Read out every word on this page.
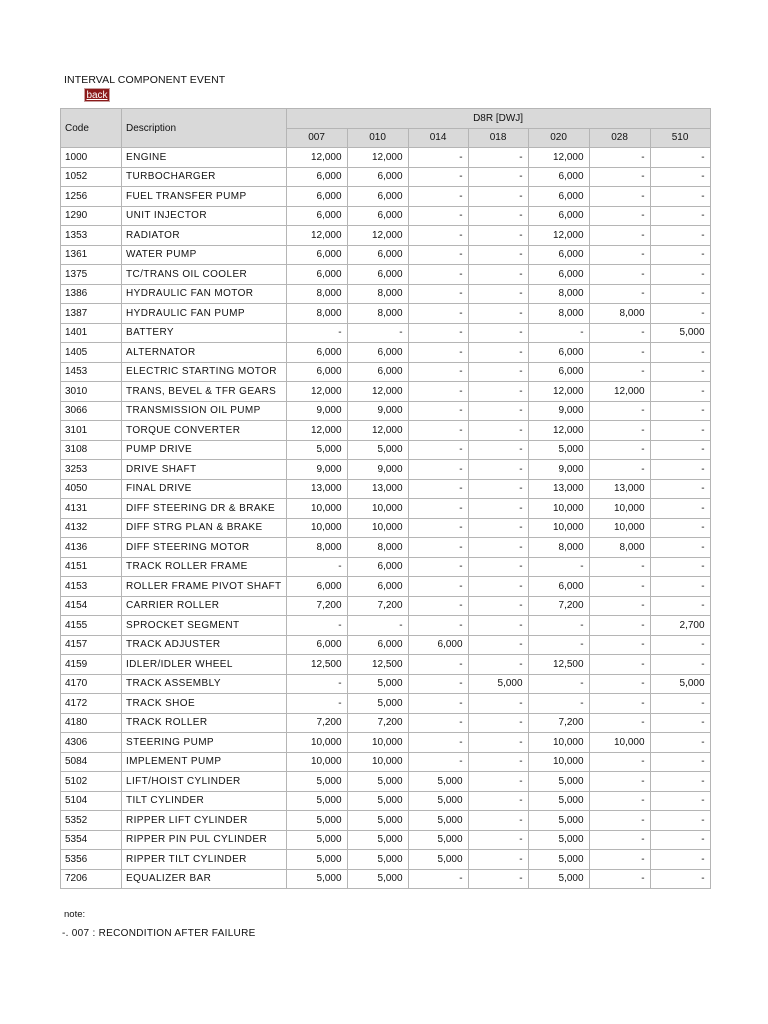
INTERVAL COMPONENT EVENT
back
Code	Description	D8R [DWJ]						
		007	010	014	018	020	028	510
1000	ENGINE	12,000	12,000	-	-	12,000	-	-
1052	TURBOCHARGER	6,000	6,000	-	-	6,000	-	-
1256	FUEL TRANSFER PUMP	6,000	6,000	-	-	6,000	-	-
1290	UNIT INJECTOR	6,000	6,000	-	-	6,000	-	-
1353	RADIATOR	12,000	12,000	-	-	12,000	-	-
1361	WATER PUMP	6,000	6,000	-	-	6,000	-	-
1375	TC/TRANS OIL COOLER	6,000	6,000	-	-	6,000	-	-
1386	HYDRAULIC FAN MOTOR	8,000	8,000	-	-	8,000	-	-
1387	HYDRAULIC FAN PUMP	8,000	8,000	-	-	8,000	8,000	-
1401	BATTERY	-	-	-	-	-	-	5,000
1405	ALTERNATOR	6,000	6,000	-	-	6,000	-	-
1453	ELECTRIC STARTING MOTOR	6,000	6,000	-	-	6,000	-	-
3010	TRANS, BEVEL & TFR GEARS	12,000	12,000	-	-	12,000	12,000	-
3066	TRANSMISSION OIL PUMP	9,000	9,000	-	-	9,000	-	-
3101	TORQUE CONVERTER	12,000	12,000	-	-	12,000	-	-
3108	PUMP DRIVE	5,000	5,000	-	-	5,000	-	-
3253	DRIVE SHAFT	9,000	9,000	-	-	9,000	-	-
4050	FINAL DRIVE	13,000	13,000	-	-	13,000	13,000	-
4131	DIFF STEERING DR & BRAKE	10,000	10,000	-	-	10,000	10,000	-
4132	DIFF STRG PLAN & BRAKE	10,000	10,000	-	-	10,000	10,000	-
4136	DIFF STEERING MOTOR	8,000	8,000	-	-	8,000	8,000	-
4151	TRACK ROLLER FRAME	-	6,000	-	-	-	-	-
4153	ROLLER FRAME PIVOT SHAFT	6,000	6,000	-	-	6,000	-	-
4154	CARRIER ROLLER	7,200	7,200	-	-	7,200	-	-
4155	SPROCKET SEGMENT	-	-	-	-	-	-	2,700
4157	TRACK ADJUSTER	6,000	6,000	6,000	-	-	-	-
4159	IDLER/IDLER WHEEL	12,500	12,500	-	-	12,500	-	-
4170	TRACK ASSEMBLY	-	5,000	-	5,000	-	-	5,000
4172	TRACK SHOE	-	5,000	-	-	-	-	-
4180	TRACK ROLLER	7,200	7,200	-	-	7,200	-	-
4306	STEERING PUMP	10,000	10,000	-	-	10,000	10,000	-
5084	IMPLEMENT PUMP	10,000	10,000	-	-	10,000	-	-
5102	LIFT/HOIST CYLINDER	5,000	5,000	5,000	-	5,000	-	-
5104	TILT CYLINDER	5,000	5,000	5,000	-	5,000	-	-
5352	RIPPER LIFT CYLINDER	5,000	5,000	5,000	-	5,000	-	-
5354	RIPPER PIN PUL CYLINDER	5,000	5,000	5,000	-	5,000	-	-
5356	RIPPER TILT CYLINDER	5,000	5,000	5,000	-	5,000	-	-
7206	EQUALIZER BAR	5,000	5,000	-	-	5,000	-	-
note:
-. 007 : RECONDITION AFTER FAILURE
